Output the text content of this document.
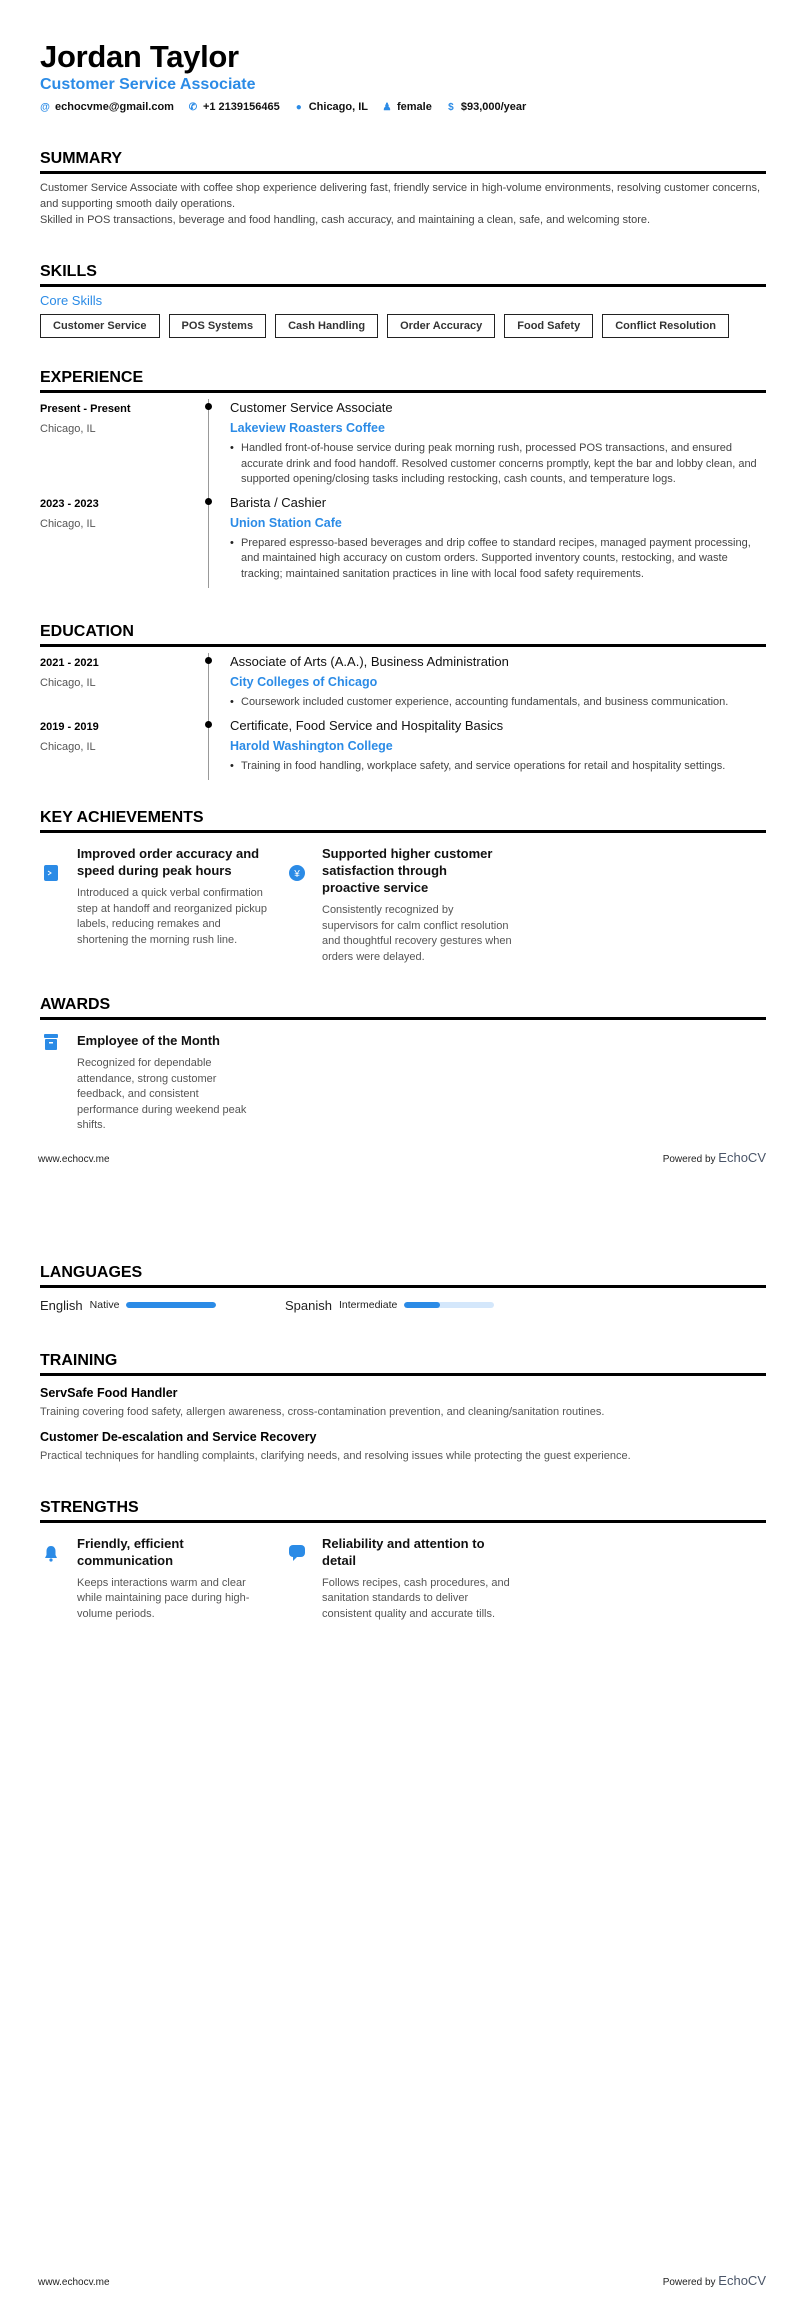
Jordan Taylor
Customer Service Associate
@ echocvme@gmail.com ✆ +1 2139156465 ● Chicago, IL ♟ female $ $93,000/year
SUMMARY

Customer Service Associate with coffee shop experience delivering fast, friendly service in high-volume environments, resolving customer concerns, and supporting smooth daily operations.

Skilled in POS transactions, beverage and food handling, cash accuracy, and maintaining a clean, safe, and welcoming store.

SKILLS
Core Skills
Customer Service	POS Systems	Cash Handling	Order Accuracy	Food Safety	Conflict Resolution
EXPERIENCE
Present - Present
Chicago, IL
Customer Service Associate
Lakeview Roasters Coffee
• Handled front-of-house service during peak morning rush, processed POS transactions, and ensured accurate drink and food handoff. Resolved customer concerns promptly, kept the bar and lobby clean, and supported opening/closing tasks including restocking, cash counts, and temperature logs.
2023 - 2023
Chicago, IL
Barista / Cashier
Union Station Cafe
• Prepared espresso-based beverages and drip coffee to standard recipes, managed payment processing, and maintained high accuracy on custom orders. Supported inventory counts, restocking, and waste tracking; maintained sanitation practices in line with local food safety requirements.
EDUCATION
2021 - 2021
Chicago, IL
Associate of Arts (A.A.), Business Administration
City Colleges of Chicago
• Coursework included customer experience, accounting fundamentals, and business communication.
2019 - 2019
Chicago, IL
Certificate, Food Service and Hospitality Basics
Harold Washington College
• Training in food handling, workplace safety, and service operations for retail and hospitality settings.
KEY ACHIEVEMENTS
Improved order accuracy and speed during peak hours
Introduced a quick verbal confirmation step at handoff and reorganized pickup labels, reducing remakes and shortening the morning rush line.
¥
Supported higher customer satisfaction through proactive service
Consistently recognized by supervisors for calm conflict resolution and thoughtful recovery gestures when orders were delayed.
AWARDS
Employee of the Month
Recognized for dependable attendance, strong customer feedback, and consistent performance during weekend peak shifts.
www.echocv.me	Powered by EchoCV
LANGUAGES
English Native	Spanish Intermediate
TRAINING
ServSafe Food Handler
Training covering food safety, allergen awareness, cross-contamination prevention, and cleaning/sanitation routines.
Customer De-escalation and Service Recovery
Practical techniques for handling complaints, clarifying needs, and resolving issues while protecting the guest experience.
STRENGTHS
Friendly, efficient communication
Keeps interactions warm and clear while maintaining pace during high-volume periods.
Reliability and attention to detail
Follows recipes, cash procedures, and sanitation standards to deliver consistent quality and accurate tills.
www.echocv.me	Powered by EchoCV
